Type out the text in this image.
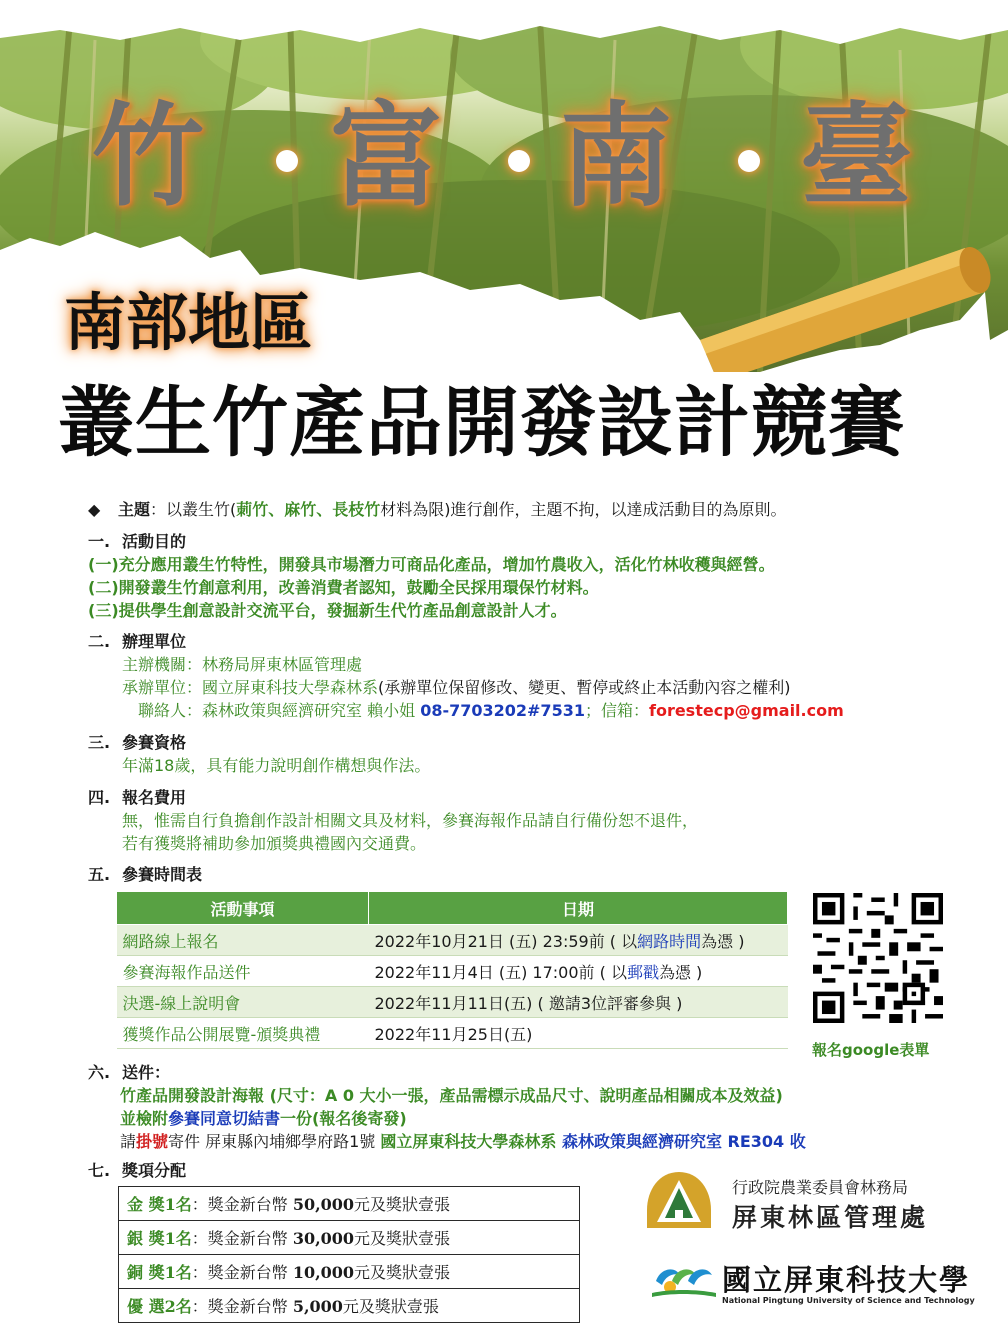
竹 富 南 臺
南部地區
叢生竹產品開發設計競賽
◆ 主題：以叢生竹(莿竹、麻竹、長枝竹材料為限)進行創作，主題不拘，以達成活動目的為原則。
一. 活動目的
(一)充分應用叢生竹特性，開發具市場潛力可商品化產品，增加竹農收入，活化竹林收穫與經營。
(二)開發叢生竹創意利用，改善消費者認知，鼓勵全民採用環保竹材料。
(三)提供學生創意設計交流平台，發掘新生代竹產品創意設計人才。
二. 辦理單位
主辦機關：林務局屏東林區管理處
承辦單位：國立屏東科技大學森林系(承辦單位保留修改、變更、暫停或終止本活動內容之權利)
聯絡人：森林政策與經濟研究室 賴小姐 08-7703202#7531；信箱：forestecp@gmail.com
三. 參賽資格
年滿18歲，具有能力說明創作構想與作法。
四. 報名費用
無，惟需自行負擔創作設計相關文具及材料，參賽海報作品請自行備份恕不退件，
若有獲獎將補助參加頒獎典禮國內交通費。
五. 參賽時間表
活動事項	日期
網路線上報名	2022年10月21日 (五) 23:59前 ( 以網路時間為憑 )
參賽海報作品送件	2022年11月4日 (五) 17:00前 ( 以郵戳為憑 )
決選-線上說明會	2022年11月11日(五) ( 邀請3位評審參與 )
獲獎作品公開展覽-頒獎典禮	2022年11月25日(五)
報名google表單
六. 送件：
竹產品開發設計海報 (尺寸：A 0 大小一張，產品需標示成品尺寸、說明產品相關成本及效益)
並檢附參賽同意切結書一份(報名後寄發)
請掛號寄件 屏東縣內埔鄉學府路1號 國立屏東科技大學森林系 森林政策與經濟研究室 RE304 收
七. 獎項分配
金 獎1名：獎金新台幣 50,000元及獎狀壹張
銀 獎1名：獎金新台幣 30,000元及獎狀壹張
銅 獎1名：獎金新台幣 10,000元及獎狀壹張
優 選2名：獎金新台幣 5,000元及獎狀壹張
行政院農業委員會林務局
屏東林區管理處
國立屏東科技大學
National Pingtung University of Science and Technology
